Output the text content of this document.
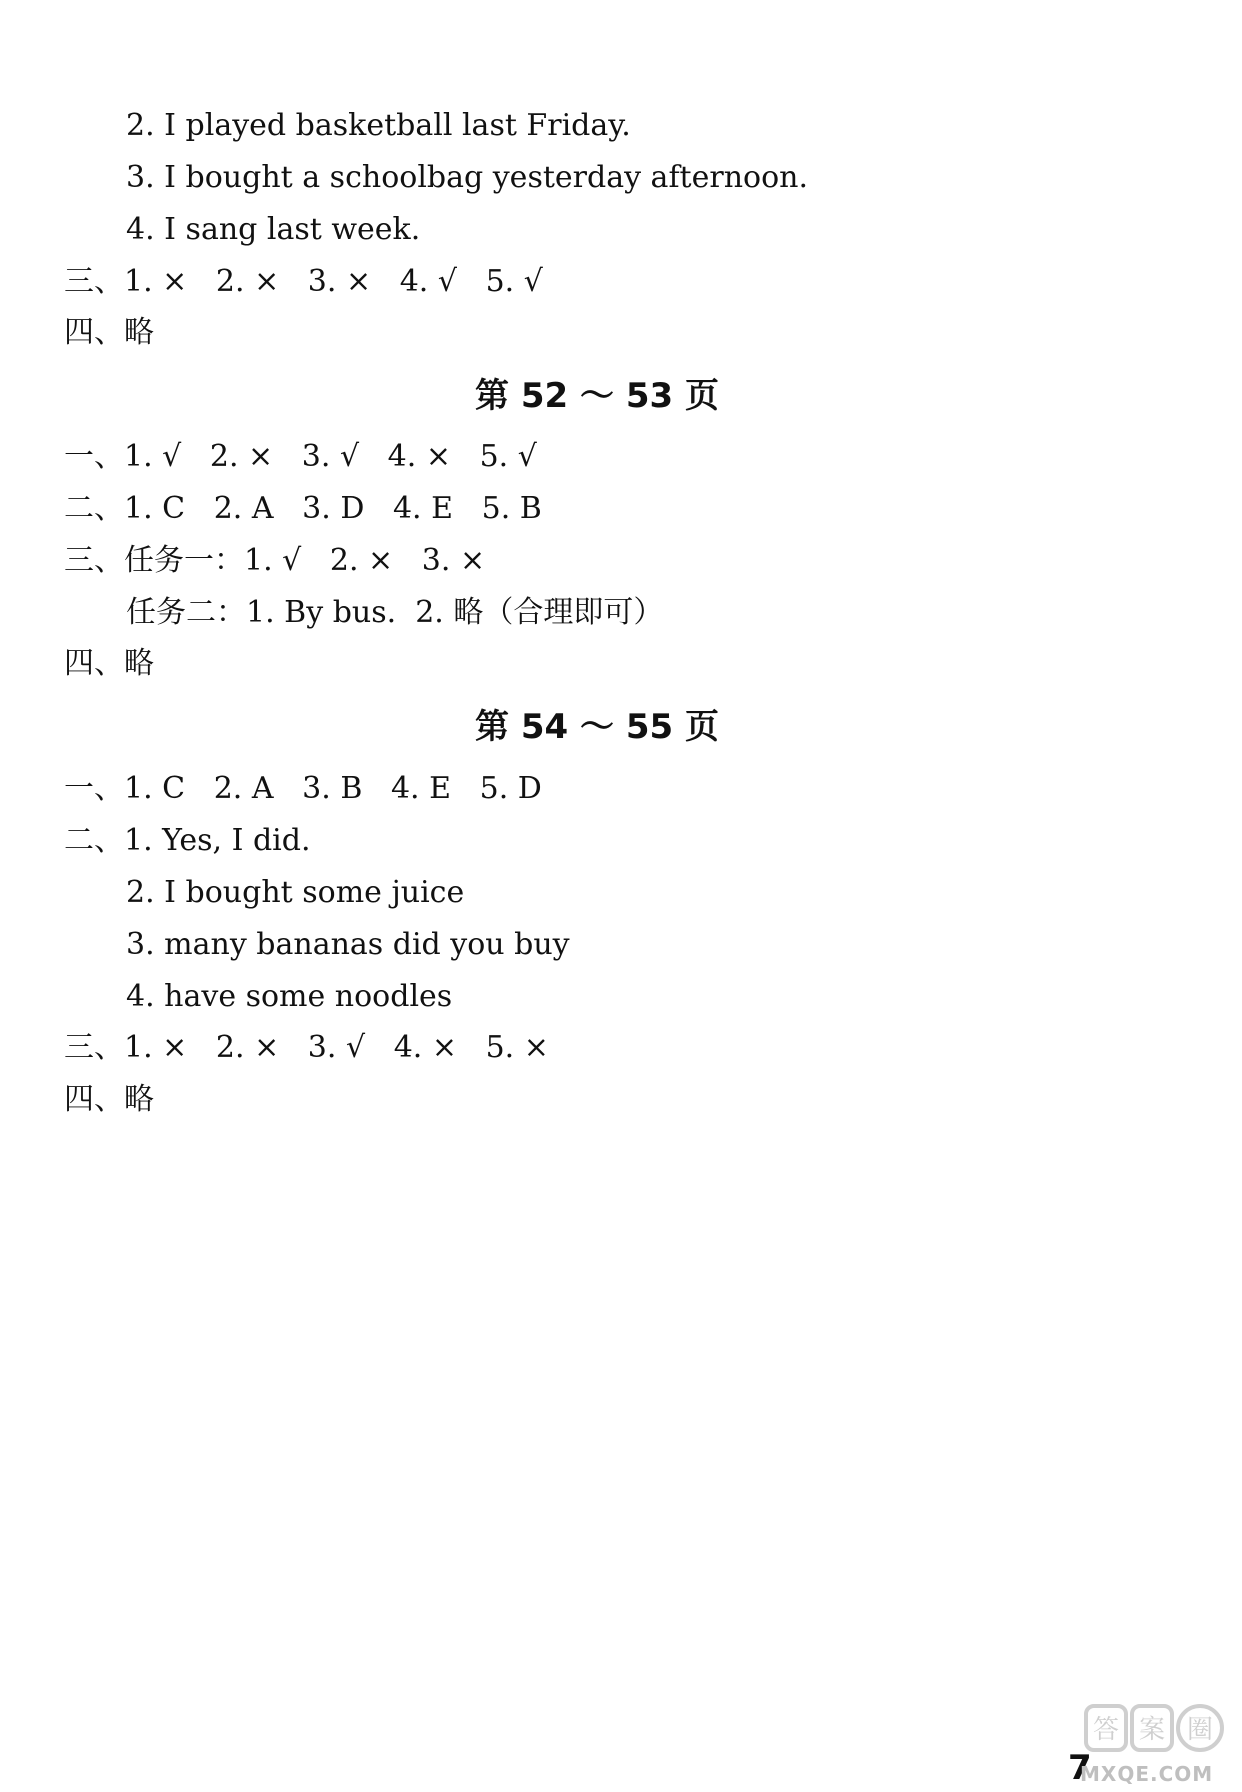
2. I played basketball last Friday.
3. I bought a schoolbag yesterday afternoon.
4. I sang last week.
三、1. ×   2. ×   3. ×   4. √   5. √
四、略
第 52 ～ 53 页
一、1. √   2. ×   3. √   4. ×   5. √
二、1. C   2. A   3. D   4. E   5. B
三、任务一：1. √   2. ×   3. ×
任务二：1. By bus.  2. 略（合理即可）
四、略
第 54 ～ 55 页
一、1. C   2. A   3. B   4. E   5. D
二、1. Yes, I did.
2. I bought some juice
3. many bananas did you buy
4. have some noodles
三、1. ×   2. ×   3. √   4. ×   5. ×
四、略
7
答 案 圈
MXQE.COM
